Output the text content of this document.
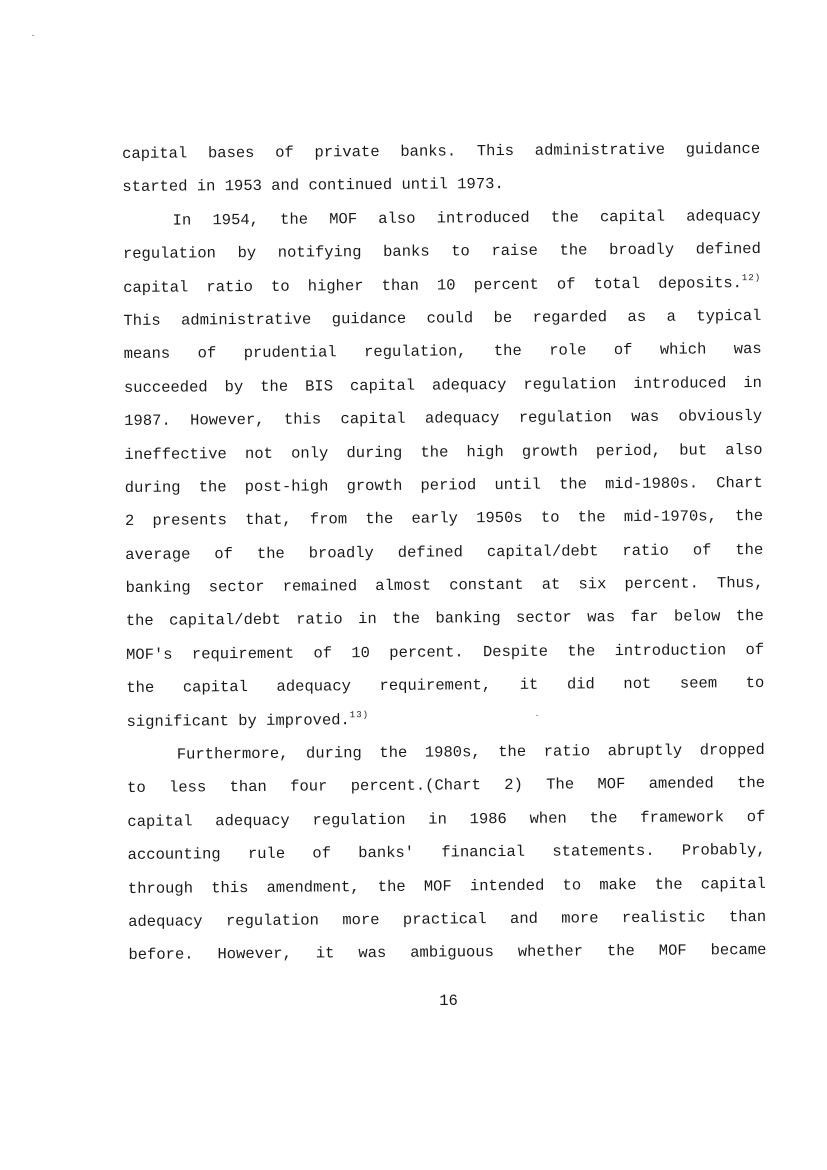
capital bases of private banks. This administrative guidance
started in 1953 and continued until 1973.
In 1954, the MOF also introduced the capital adequacy
regulation by notifying banks to raise the broadly defined
capital ratio to higher than 10 percent of total deposits.$^{12)}$
This administrative guidance could be regarded as a typical
means of prudential regulation, the role of which was
succeeded by the BIS capital adequacy regulation introduced in
1987. However, this capital adequacy regulation was obviously
ineffective not only during the high growth period, but also
during the post-high growth period until the mid-1980s. Chart
2 presents that, from the early 1950s to the mid-1970s, the
average of the broadly defined capital/debt ratio of the
banking sector remained almost constant at six percent. Thus,
the capital/debt ratio in the banking sector was far below the
MOF's requirement of 10 percent. Despite the introduction of
the capital adequacy requirement, it did not seem to
significant by improved.$^{13)}$
Furthermore, during the 1980s, the ratio abruptly dropped
to less than four percent.(Chart 2) The MOF amended the
capital adequacy regulation in 1986 when the framework of
accounting rule of banks' financial statements. Probably,
through this amendment, the MOF intended to make the capital
adequacy regulation more practical and more realistic than
before. However, it was ambiguous whether the MOF became
16
